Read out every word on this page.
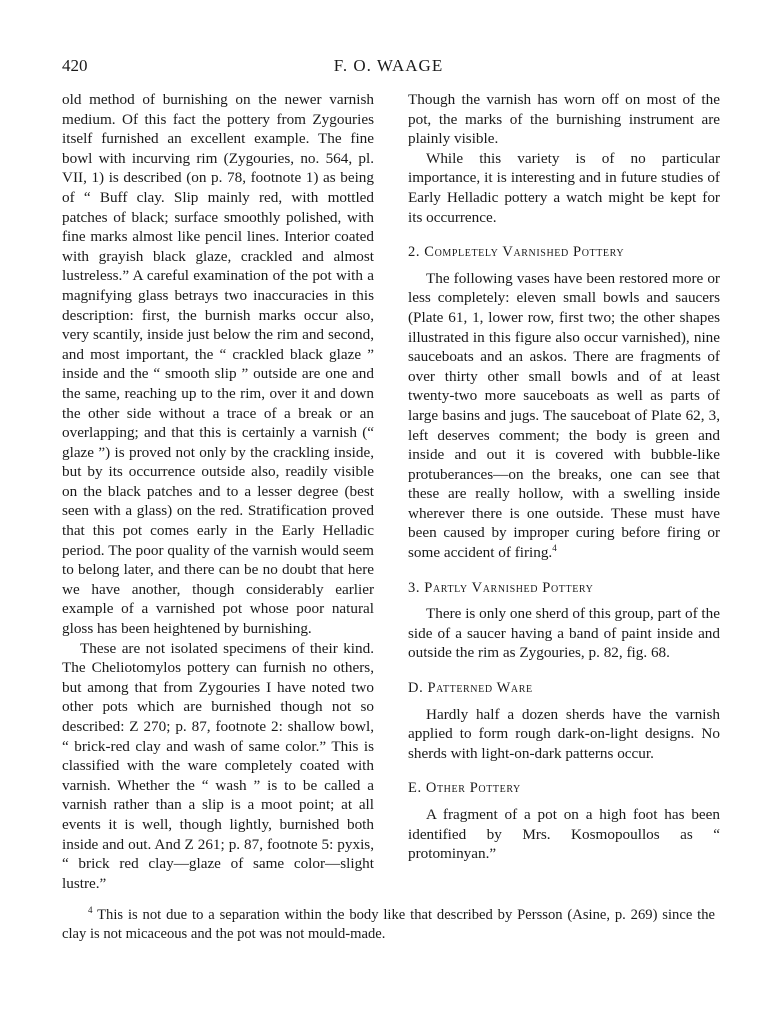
420	F. O. WAAGE

old method of burnishing on the newer varnish medium. Of this fact the pottery from Zygouries itself furnished an excellent example. The fine bowl with incurving rim (Zygouries, no. 564, pl. VII, 1) is described (on p. 78, footnote 1) as being of “ Buff clay. Slip mainly red, with mottled patches of black; surface smoothly polished, with fine marks almost like pencil lines. Interior coated with grayish black glaze, crackled and almost lustreless.” A careful examination of the pot with a magnifying glass betrays two inaccuracies in this description: first, the burnish marks occur also, very scantily, inside just below the rim and second, and most important, the “ crackled black glaze ” inside and the “ smooth slip ” outside are one and the same, reaching up to the rim, over it and down the other side without a trace of a break or an overlapping; and that this is certainly a varnish (“ glaze ”) is proved not only by the crackling inside, but by its occurrence outside also, readily visible on the black patches and to a lesser degree (best seen with a glass) on the red. Stratification proved that this pot comes early in the Early Helladic period. The poor quality of the varnish would seem to belong later, and there can be no doubt that here we have another, though considerably earlier example of a varnished pot whose poor natural gloss has been heightened by burnishing.

These are not isolated specimens of their kind. The Cheliotomylos pottery can furnish no others, but among that from Zygouries I have noted two other pots which are burnished though not so described: Z 270; p. 87, footnote 2: shallow bowl, “ brick-red clay and wash of same color.” This is classified with the ware completely coated with varnish. Whether the “ wash ” is to be called a varnish rather than a slip is a moot point; at all events it is well, though lightly, burnished both inside and out. And Z 261; p. 87, footnote 5: pyxis, “ brick red clay—glaze of same color—slight lustre.”

Though the varnish has worn off on most of the pot, the marks of the burnishing instrument are plainly visible.

While this variety is of no particular importance, it is interesting and in future studies of Early Helladic pottery a watch might be kept for its occurrence.

2. Completely Varnished Pottery

The following vases have been restored more or less completely: eleven small bowls and saucers (Plate 61, 1, lower row, first two; the other shapes illustrated in this figure also occur varnished), nine sauceboats and an askos. There are fragments of over thirty other small bowls and of at least twenty-two more sauceboats as well as parts of large basins and jugs. The sauceboat of Plate 62, 3, left deserves comment; the body is green and inside and out it is covered with bubble-like protuberances—on the breaks, one can see that these are really hollow, with a swelling inside wherever there is one outside. These must have been caused by improper curing before firing or some accident of firing.$^4$

3. Partly Varnished Pottery

There is only one sherd of this group, part of the side of a saucer having a band of paint inside and outside the rim as Zygouries, p. 82, fig. 68.

D. Patterned Ware

Hardly half a dozen sherds have the varnish applied to form rough dark-on-light designs. No sherds with light-on-dark patterns occur.

E. Other Pottery

A fragment of a pot on a high foot has been identified by Mrs. Kosmopoullos as “ protominyan.”

$^4$ This is not due to a separation within the body like that described by Persson (Asine, p. 269) since the clay is not micaceous and the pot was not mould-made.
